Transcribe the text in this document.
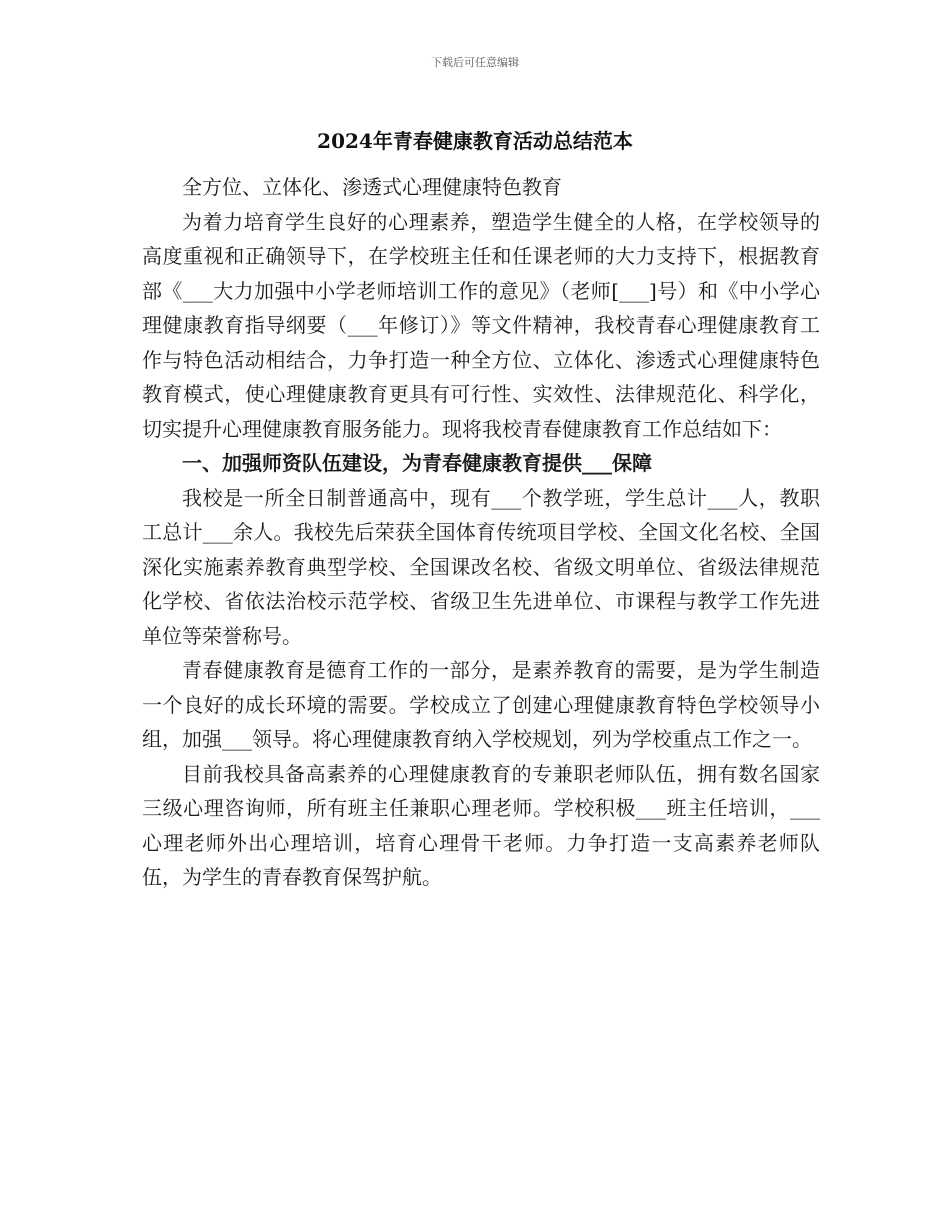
下载后可任意编辑
2024年青春健康教育活动总结范本

全方位、立体化、渗透式心理健康特色教育

为着力培育学生良好的心理素养，塑造学生健全的人格，在学校领导的高度重视和正确领导下，在学校班主任和任课老师的大力支持下，根据教育部《___大力加强中小学老师培训工作的意见》（老师[___]号）和《中小学心理健康教育指导纲要（___年修订）》等文件精神，我校青春心理健康教育工作与特色活动相结合，力争打造一种全方位、立体化、渗透式心理健康特色教育模式，使心理健康教育更具有可行性、实效性、法律规范化、科学化，切实提升心理健康教育服务能力。现将我校青春健康教育工作总结如下：

一、加强师资队伍建设，为青春健康教育提供___保障

我校是一所全日制普通高中，现有___个教学班，学生总计___人，教职工总计___余人。我校先后荣获全国体育传统项目学校、全国文化名校、全国深化实施素养教育典型学校、全国课改名校、省级文明单位、省级法律规范化学校、省依法治校示范学校、省级卫生先进单位、市课程与教学工作先进单位等荣誉称号。

青春健康教育是德育工作的一部分，是素养教育的需要，是为学生制造一个良好的成长环境的需要。学校成立了创建心理健康教育特色学校领导小组，加强___领导。将心理健康教育纳入学校规划，列为学校重点工作之一。

目前我校具备高素养的心理健康教育的专兼职老师队伍，拥有数名国家三级心理咨询师，所有班主任兼职心理老师。学校积极___班主任培训，___心理老师外出心理培训，培育心理骨干老师。力争打造一支高素养老师队伍，为学生的青春教育保驾护航。
